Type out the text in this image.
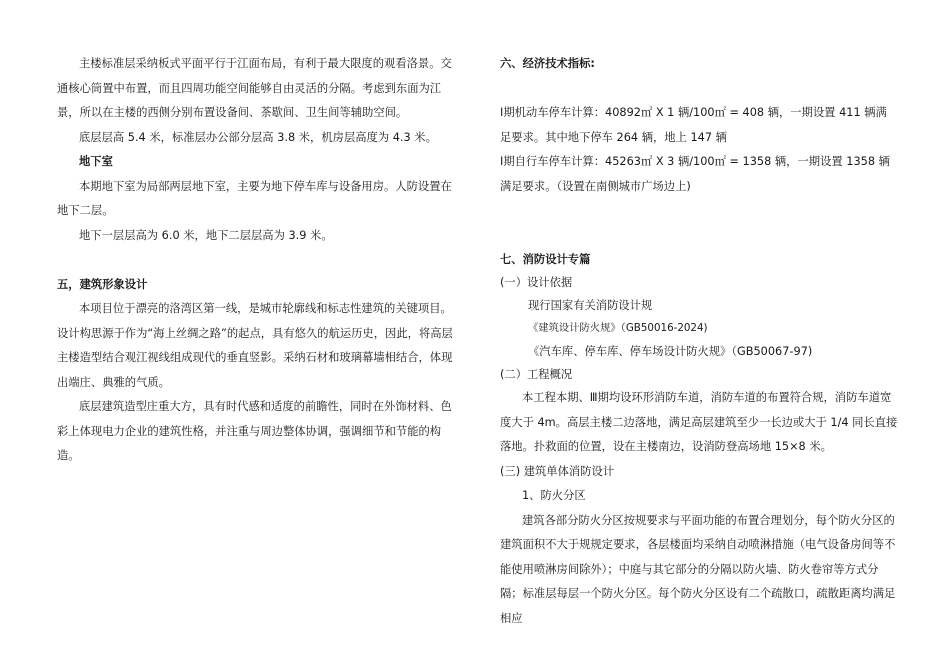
主楼标准层采纳板式平面平行于江面布局，有利于最大限度的观看洛景。交通核心筒置中布置，而且四周功能空间能够自由灵活的分隔。考虑到东面为江景，所以在主楼的西侧分别布置设备间、茶歇间、卫生间等辅助空间。

底层层高 5.4 米，标准层办公部分层高 3.8 米，机房层高度为 4.3 米。

地下室

本期地下室为局部两层地下室，主要为地下停车库与设备用房。人防设置在地下二层。

地下一层层高为 6.0 米，地下二层层高为 3.9 米。

五，建筑形象设计

本项目位于漂亮的洛湾区第一线，是城市轮廓线和标志性建筑的关键项目。设计构思源于作为“海上丝绸之路”的起点，具有悠久的航运历史，因此，将高层主楼造型结合观江视线组成现代的垂直竖影。采纳石材和玻璃幕墙相结合，体现出端庄、典雅的气质。

底层建筑造型庄重大方，具有时代感和适度的前瞻性，同时在外饰材料、色彩上体现电力企业的建筑性格，并注重与周边整体协调，强调细节和节能的构造。

六、经济技术指标:

Ⅰ期机动车停车计算：40892㎡ X 1 辆/100㎡ = 408 辆，一期设置 411 辆满足要求。其中地下停车 264 辆，地上 147 辆

Ⅰ期自行车停车计算：45263㎡ X 3 辆/100㎡ = 1358 辆，一期设置 1358 辆满足要求。（设置在南侧城市广场边上)

七、消防设计专篇

(一）设计依据

现行国家有关消防设计规

《建筑设计防火规》（GB50016-2024)

《汽车库、停车库、停车场设计防火规》（GB50067-97)

(二）工程概况

本工程本期、Ⅲ期均设环形消防车道，消防车道的布置符合规，消防车道宽度大于 4m。高层主楼二边落地，满足高层建筑至少一长边或大于 1/4 同长直接落地。扑救面的位置，设在主楼南边，设消防登高场地 15×8 米。

(三) 建筑单体消防设计

1、防火分区

建筑各部分防火分区按规要求与平面功能的布置合理划分，每个防火分区的建筑面积不大于规规定要求，各层楼面均采纳自动喷淋措施（电气设备房间等不能使用喷淋房间除外）；中庭与其它部分的分隔以防火墙、防火卷帘等方式分隔；标准层每层一个防火分区。每个防火分区设有二个疏散口，疏散距离均满足相应
